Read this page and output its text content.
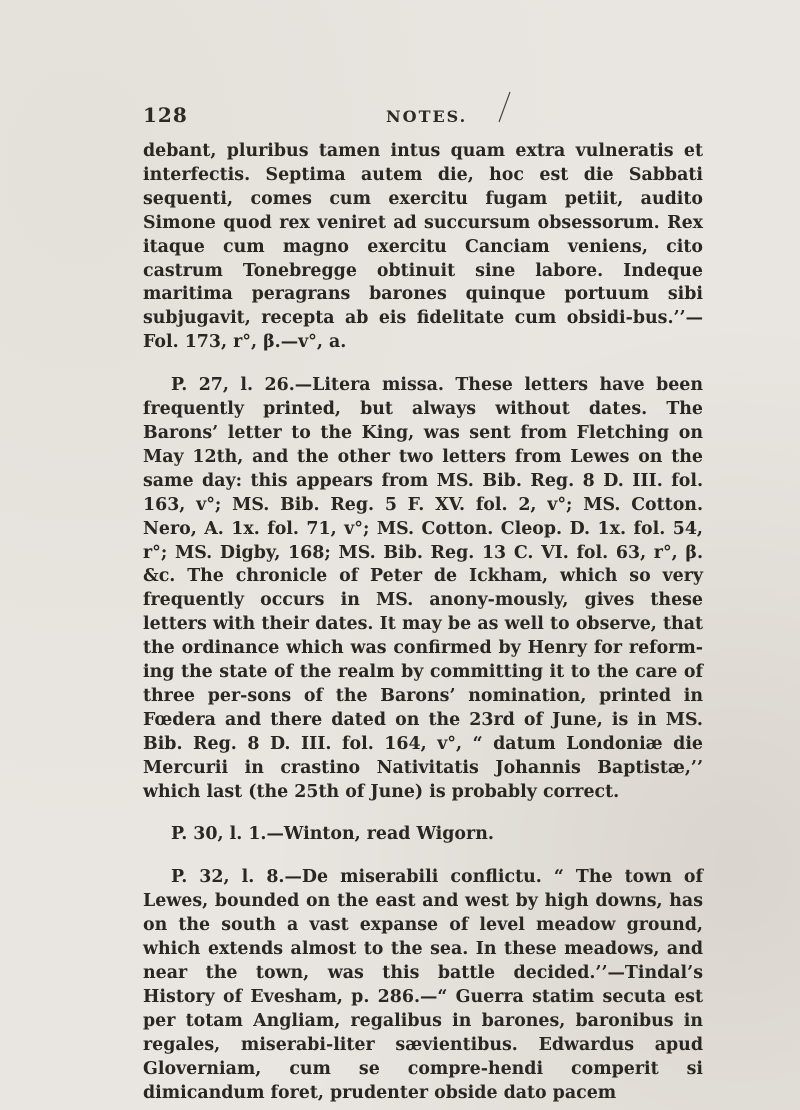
128	NOTES.

debant, pluribus tamen intus quam extra vulneratis et interfectis. Septima autem die, hoc est die Sabbati sequenti, comes cum exercitu fugam petiit, audito Simone quod rex veniret ad succursum obsessorum. Rex itaque cum magno exercitu Canciam veniens, cito castrum Tonebregge obtinuit sine labore. Indeque maritima peragrans barones quinque portuum sibi subjugavit, recepta ab eis fidelitate cum obsidi-bus.’’—Fol. 173, r°, β.—v°, a.

P. 27, l. 26.—Litera missa. These letters have been frequently printed, but always without dates. The Barons’ letter to the King, was sent from Fletching on May 12th, and the other two letters from Lewes on the same day: this appears from MS. Bib. Reg. 8 D. III. fol. 163, v°; MS. Bib. Reg. 5 F. XV. fol. 2, v°; MS. Cotton. Nero, A. 1x. fol. 71, v°; MS. Cotton. Cleop. D. 1x. fol. 54, r°; MS. Digby, 168; MS. Bib. Reg. 13 C. VI. fol. 63, r°, β. &c. The chronicle of Peter de Ickham, which so very frequently occurs in MS. anony-mously, gives these letters with their dates. It may be as well to observe, that the ordinance which was confirmed by Henry for reform-ing the state of the realm by committing it to the care of three per-sons of the Barons’ nomination, printed in Fœdera and there dated on the 23rd of June, is in MS. Bib. Reg. 8 D. III. fol. 164, v°, “ datum Londoniæ die Mercurii in crastino Nativitatis Johannis Baptistæ,’’ which last (the 25th of June) is probably correct.

P. 30, l. 1.—Winton, read Wigorn.

P. 32, l. 8.—De miserabili conflictu. “ The town of Lewes, bounded on the east and west by high downs, has on the south a vast expanse of level meadow ground, which extends almost to the sea. In these meadows, and near the town, was this battle decided.’’—Tindal’s History of Evesham, p. 286.—“ Guerra statim secuta est per totam Angliam, regalibus in barones, baronibus in regales, miserabi-liter sævientibus. Edwardus apud Gloverniam, cum se compre-hendi comperit si dimicandum foret, prudenter obside dato pacem
